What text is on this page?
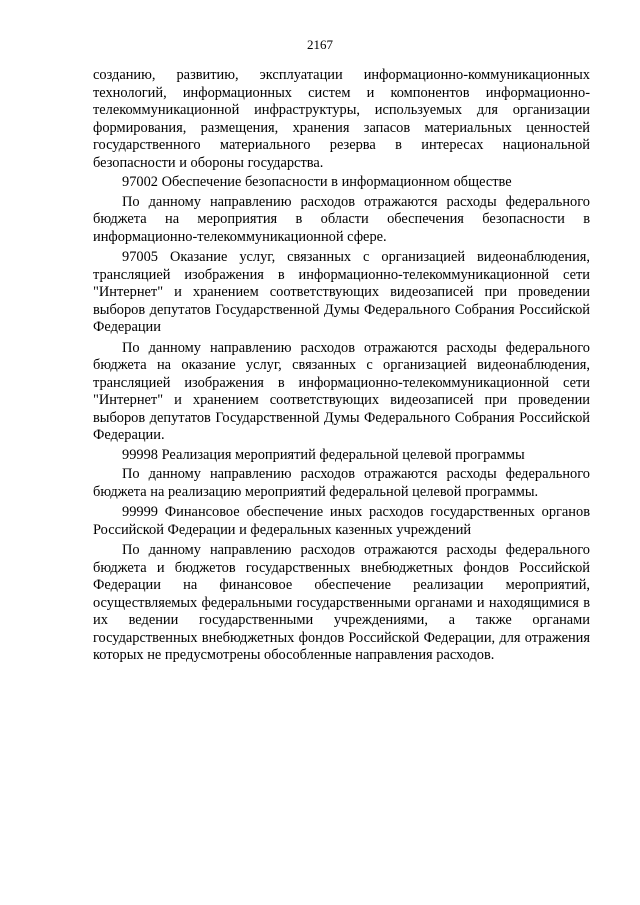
2167

созданию, развитию, эксплуатации информационно-коммуникационных технологий, информационных систем и компонентов информационно-телекоммуникационной инфраструктуры, используемых для организации формирования, размещения, хранения запасов материальных ценностей государственного материального резерва в интересах национальной безопасности и обороны государства.

97002 Обеспечение безопасности в информационном обществе

По данному направлению расходов отражаются расходы федерального бюджета на мероприятия в области обеспечения безопасности в информационно-телекоммуникационной сфере.

97005 Оказание услуг, связанных с организацией видеонаблюдения, трансляцией изображения в информационно-телекоммуникационной сети "Интернет" и хранением соответствующих видеозаписей при проведении выборов депутатов Государственной Думы Федерального Собрания Российской Федерации

По данному направлению расходов отражаются расходы федерального бюджета на оказание услуг, связанных с организацией видеонаблюдения, трансляцией изображения в информационно-телекоммуникационной сети "Интернет" и хранением соответствующих видеозаписей при проведении выборов депутатов Государственной Думы Федерального Собрания Российской Федерации.

99998 Реализация мероприятий федеральной целевой программы

По данному направлению расходов отражаются расходы федерального бюджета на реализацию мероприятий федеральной целевой программы.

99999 Финансовое обеспечение иных расходов государственных органов Российской Федерации и федеральных казенных учреждений

По данному направлению расходов отражаются расходы федерального бюджета и бюджетов государственных внебюджетных фондов Российской Федерации на финансовое обеспечение реализации мероприятий, осуществляемых федеральными государственными органами и находящимися в их ведении государственными учреждениями, а также органами государственных внебюджетных фондов Российской Федерации, для отражения которых не предусмотрены обособленные направления расходов.
